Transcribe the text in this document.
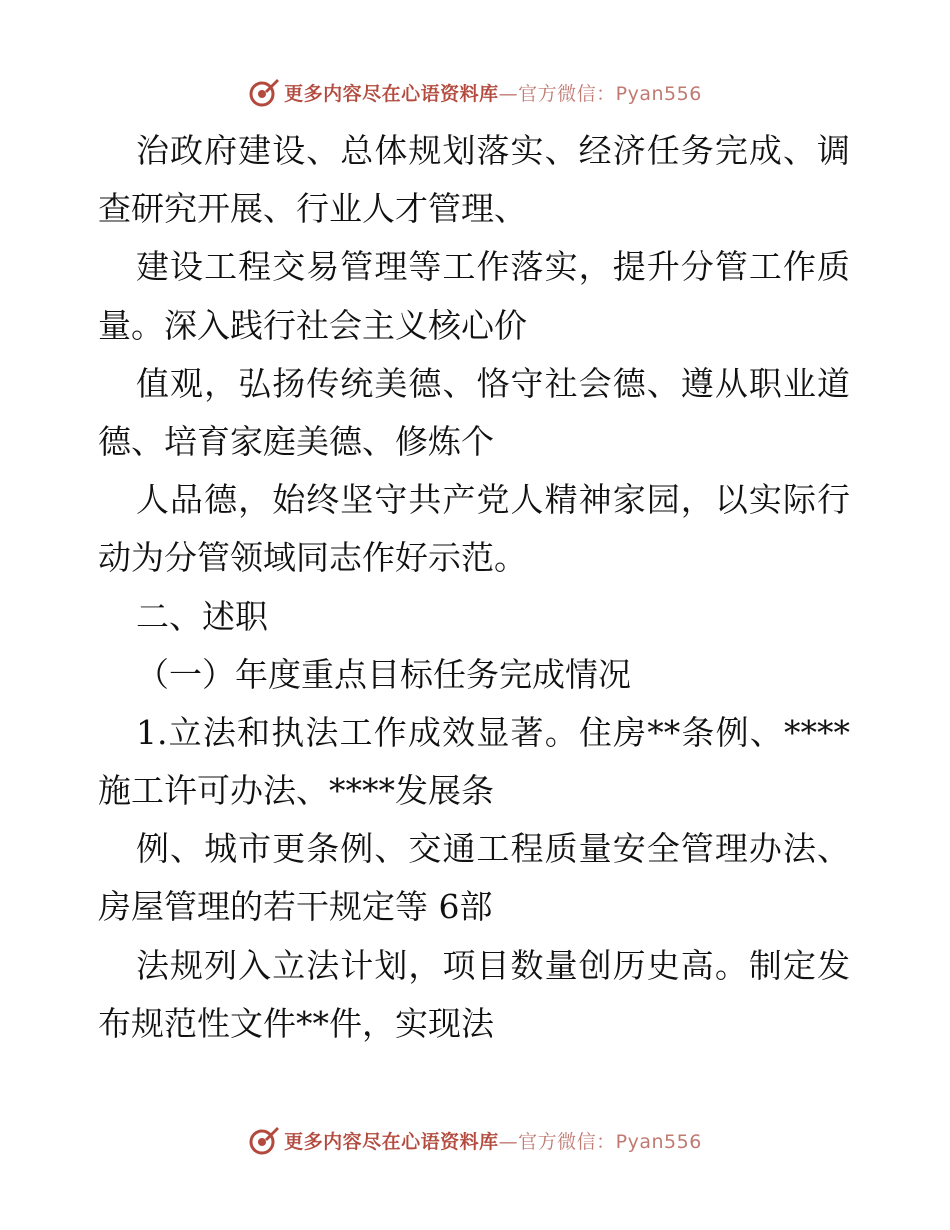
更多内容尽在心语资料库—官方微信：Pyan556
治政府建设、总体规划落实、经济任务完成、调
查研究开展、行业人才管理、
建设工程交易管理等工作落实，提升分管工作质
量。深入践行社会主义核心价
值观，弘扬传统美德、恪守社会德、遵从职业道
德、培育家庭美德、修炼个
人品德，始终坚守共产党人精神家园，以实际行
动为分管领域同志作好示范。
二、述职
（一）年度重点目标任务完成情况
1.立法和执法工作成效显著。住房**条例、****
施工许可办法、****发展条
例、城市更条例、交通工程质量安全管理办法、
房屋管理的若干规定等 6部
法规列入立法计划，项目数量创历史高。制定发
布规范性文件**件，实现法
更多内容尽在心语资料库—官方微信：Pyan556
